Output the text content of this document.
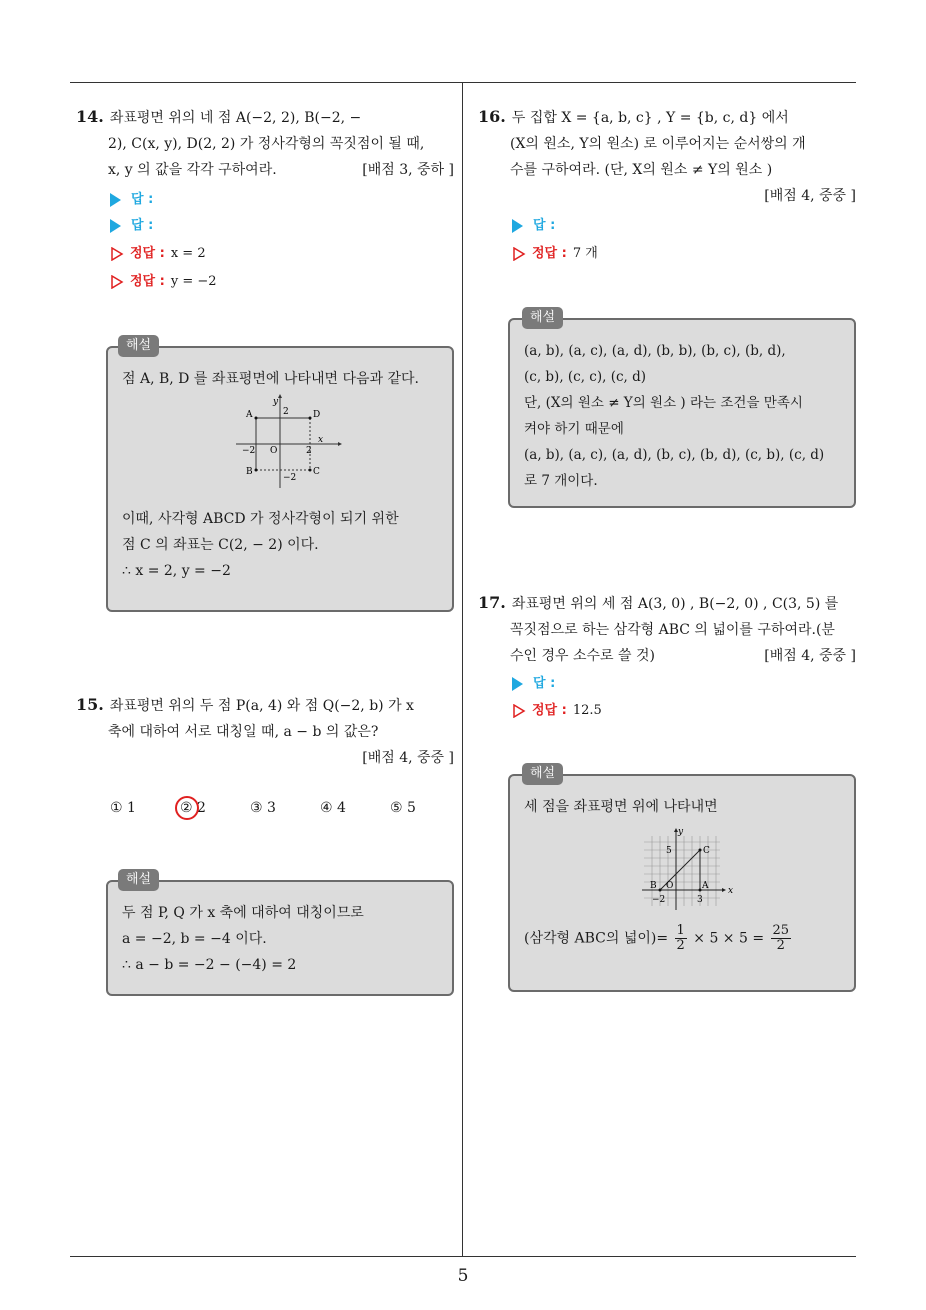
5
14. 좌표평면 위의 네 점 A(−2, 2), B(−2, −
2), C(x, y), D(2, 2) 가 정사각형의 꼭짓점이 될 때,
x, y 의 값을 각각 구하여라.	[배점 3, 중하 ]
답 :
답 :
정답 : x = 2
정답 : y = −2
점 A, B, D 를 좌표평면에 나타내면 다음과 같다.
A	D
B	C
O
y
x
2
−2
2
−2
이때, 사각형 ABCD 가 정사각형이 되기 위한
점 C 의 좌표는 C(2, − 2) 이다.
∴ x = 2, y = −2
해설
15. 좌표평면 위의 두 점 P(a, 4) 와 점 Q(−2, b) 가 x
축에 대하여 서로 대칭일 때, a − b 의 값은?
[배점 4, 중중 ]
① 1	② 2	③ 3	④ 4	⑤ 5
두 점 P, Q 가 x 축에 대하여 대칭이므로
a = −2, b = −4 이다.
∴ a − b = −2 − (−4) = 2
해설
16. 두 집합 X = {a, b, c} , Y = {b, c, d} 에서
(X의 원소, Y의 원소) 로 이루어지는 순서쌍의 개
수를 구하여라. (단, X의 원소 ≠ Y의 원소 )
[배점 4, 중중 ]
답 :
정답 : 7 개
(a, b), (a, c), (a, d), (b, b), (b, c), (b, d),
(c, b), (c, c), (c, d)
단, (X의 원소 ≠ Y의 원소 ) 라는 조건을 만족시
켜야 하기 때문에
(a, b), (a, c), (a, d), (b, c), (b, d), (c, b), (c, d)
로 7 개이다.
해설
17. 좌표평면 위의 세 점 A(3, 0) , B(−2, 0) , C(3, 5) 를
꼭짓점으로 하는 삼각형 ABC 의 넓이를 구하여라.(분
수인 경우 소수로 쓸 것)	[배점 4, 중중 ]
답 :
정답 : 12.5
세 점을 좌표평면 위에 나타내면
C
A
B O
5
−2	3
y
x
(삼각형 ABC의 넓이)= $\frac{1}{2} \times 5 \times 5 = \frac{25}{2}$
해설
